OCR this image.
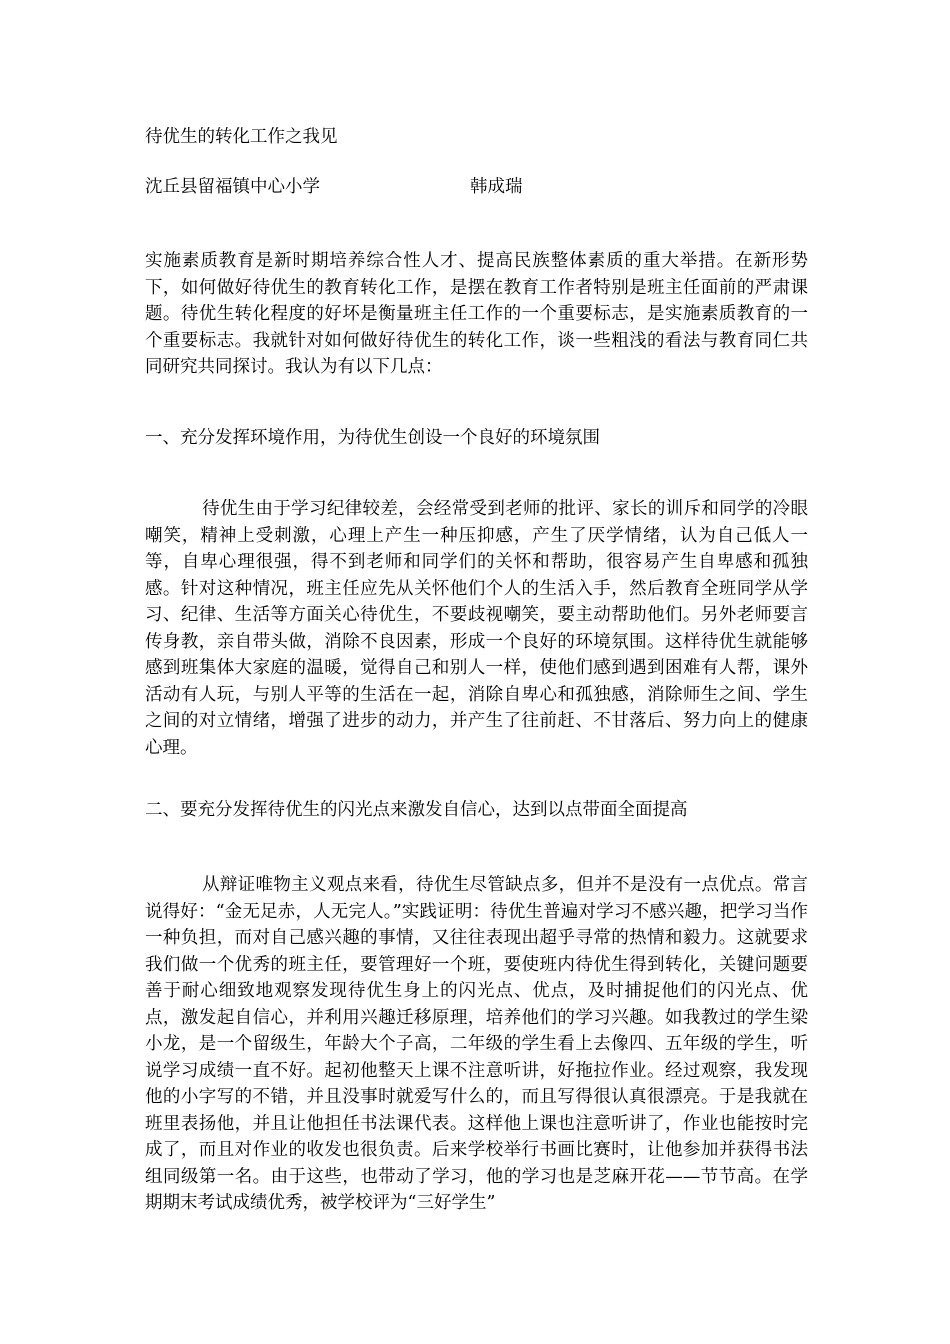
待优生的转化工作之我见
沈丘县留福镇中心小学	韩成瑞

实施素质教育是新时期培养综合性人才、提高民族整体素质的重大举措。在新形势下，如何做好待优生的教育转化工作，是摆在教育工作者特别是班主任面前的严肃课题。待优生转化程度的好坏是衡量班主任工作的一个重要标志，是实施素质教育的一个重要标志。我就针对如何做好待优生的转化工作，谈一些粗浅的看法与教育同仁共同研究共同探讨。我认为有以下几点：

一、充分发挥环境作用，为待优生创设一个良好的环境氛围

待优生由于学习纪律较差，会经常受到老师的批评、家长的训斥和同学的冷眼嘲笑，精神上受刺激，心理上产生一种压抑感，产生了厌学情绪，认为自己低人一等，自卑心理很强，得不到老师和同学们的关怀和帮助，很容易产生自卑感和孤独感。针对这种情况，班主任应先从关怀他们个人的生活入手，然后教育全班同学从学习、纪律、生活等方面关心待优生，不要歧视嘲笑，要主动帮助他们。另外老师要言传身教，亲自带头做，消除不良因素，形成一个良好的环境氛围。这样待优生就能够感到班集体大家庭的温暖，觉得自己和别人一样，使他们感到遇到困难有人帮，课外活动有人玩，与别人平等的生活在一起，消除自卑心和孤独感，消除师生之间、学生之间的对立情绪，增强了进步的动力，并产生了往前赶、不甘落后、努力向上的健康心理。

二、要充分发挥待优生的闪光点来激发自信心，达到以点带面全面提高

从辩证唯物主义观点来看，待优生尽管缺点多，但并不是没有一点优点。常言说得好：“金无足赤，人无完人。”实践证明：待优生普遍对学习不感兴趣，把学习当作一种负担，而对自己感兴趣的事情，又往往表现出超乎寻常的热情和毅力。这就要求我们做一个优秀的班主任，要管理好一个班，要使班内待优生得到转化，关键问题要善于耐心细致地观察发现待优生身上的闪光点、优点，及时捕捉他们的闪光点、优点，激发起自信心，并利用兴趣迁移原理，培养他们的学习兴趣。如我教过的学生梁小龙，是一个留级生，年龄大个子高，二年级的学生看上去像四、五年级的学生，听说学习成绩一直不好。起初他整天上课不注意听讲，好拖拉作业。经过观察，我发现他的小字写的不错，并且没事时就爱写什么的，而且写得很认真很漂亮。于是我就在班里表扬他，并且让他担任书法课代表。这样他上课也注意听讲了，作业也能按时完成了，而且对作业的收发也很负责。后来学校举行书画比赛时，让他参加并获得书法组同级第一名。由于这些，也带动了学习，他的学习也是芝麻开花——节节高。在学期期末考试成绩优秀，被学校评为“三好学生”
